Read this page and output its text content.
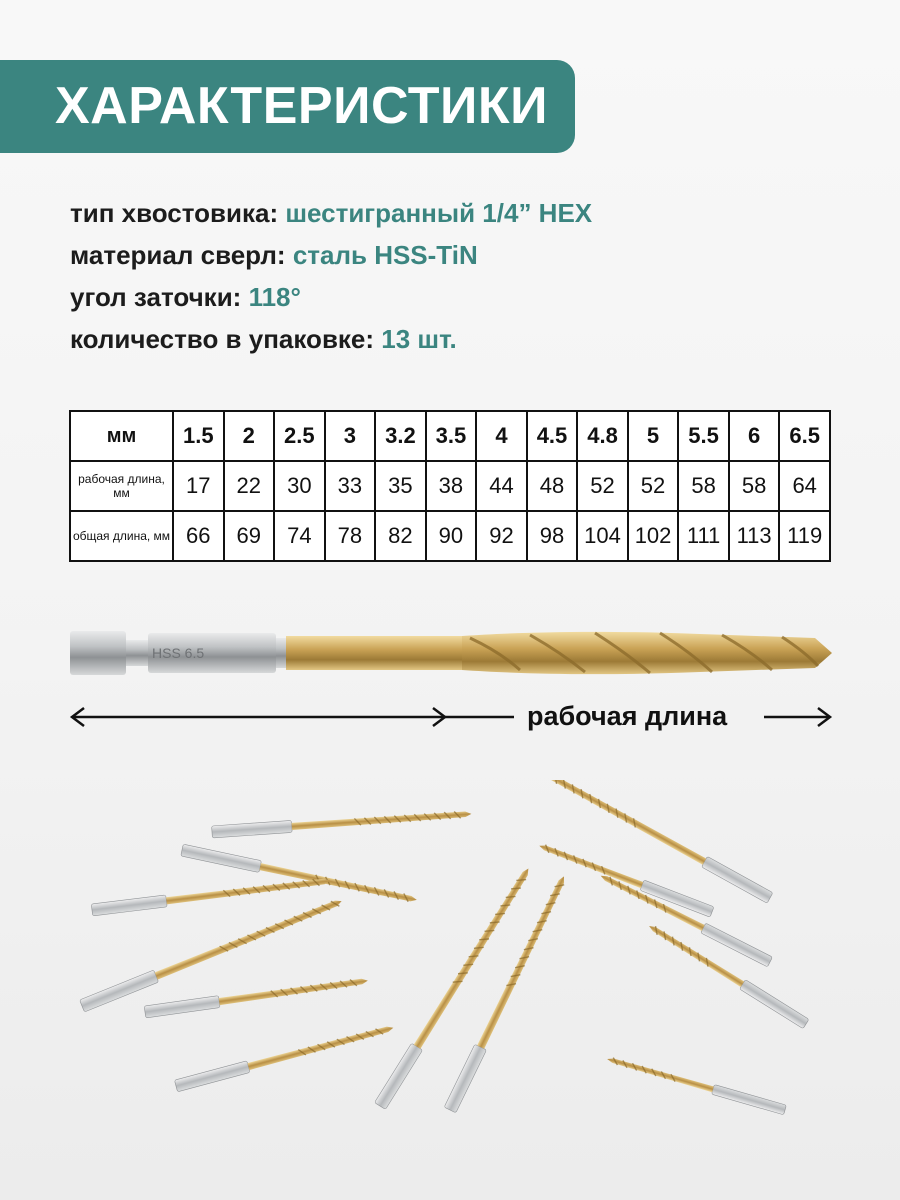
ХАРАКТЕРИСТИКИ
тип хвостовика: шестигранный 1/4” HEX
материал сверл: сталь HSS-TiN
угол заточки: 118°
количество в упаковке: 13 шт.
мм	1.5	2	2.5	3	3.2	3.5	4	4.5	4.8	5	5.5	6	6.5
рабочая длина, мм	17	22	30	33	35	38	44	48	52	52	58	58	64
общая длина, мм	66	69	74	78	82	90	92	98	104	102	111	113	119
HSS 6.5
рабочая длина
